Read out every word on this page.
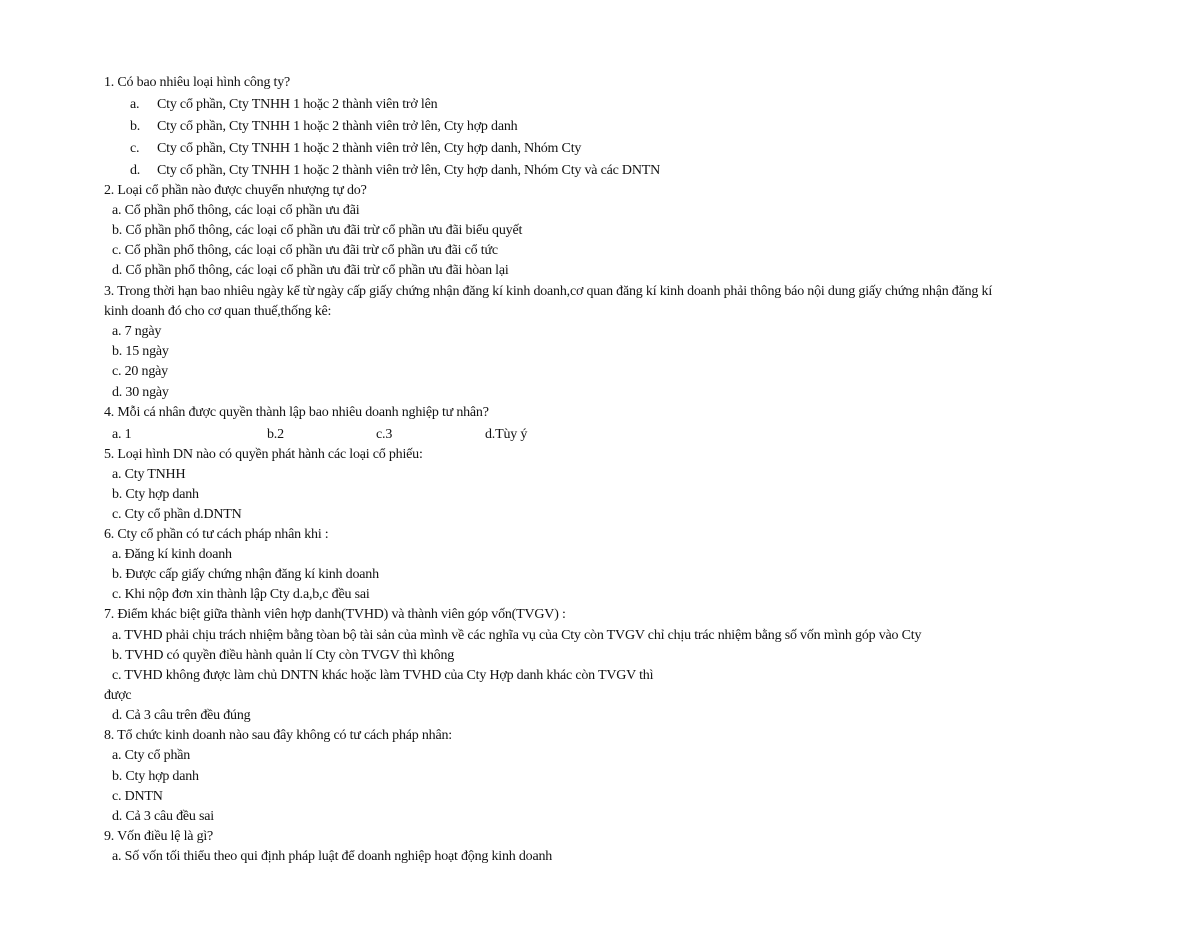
1. Có bao nhiêu loại hình công ty?
a.	Cty cổ phần, Cty TNHH 1 hoặc 2 thành viên trở lên
b.	Cty cổ phần, Cty TNHH 1 hoặc 2 thành viên trở lên, Cty hợp danh
c.	Cty cổ phần, Cty TNHH 1 hoặc 2 thành viên trở lên, Cty hợp danh, Nhóm Cty
d.	Cty cổ phần, Cty TNHH 1 hoặc 2 thành viên trở lên, Cty hợp danh, Nhóm Cty và các DNTN
2. Loại cổ phần nào được chuyển nhượng tự do?
a. Cổ phần phổ thông, các loại cổ phần ưu đãi
b. Cổ phần phổ thông, các loại cổ phần ưu đãi trừ cổ phần ưu đãi biểu quyết
c. Cổ phần phổ thông, các loại cổ phần ưu đãi trừ cổ phần ưu đãi cổ tức
d. Cổ phần phổ thông, các loại cổ phần ưu đãi trừ cổ phần ưu đãi hòan lại
3. Trong thời hạn bao nhiêu ngày kể từ ngày cấp giấy chứng nhận đăng kí kinh doanh,cơ quan đăng kí kinh doanh phải thông báo nội dung giấy chứng nhận đăng kí
kinh doanh đó cho cơ quan thuế,thống kê:
a. 7 ngày
b. 15 ngày
c. 20 ngày
d. 30 ngày
4. Mỗi cá nhân được quyền thành lập bao nhiêu doanh nghiệp tư nhân?
a. 1	b.2	c.3	d.Tùy ý
5. Loại hình DN nào có quyền phát hành các loại cổ phiếu:
a. Cty TNHH
b. Cty hợp danh
c. Cty cổ phần d.DNTN
6. Cty cổ phần có tư cách pháp nhân khi :
a. Đăng kí kinh doanh
b. Được cấp giấy chứng nhận đăng kí kinh doanh
c. Khi nộp đơn xin thành lập Cty d.a,b,c đều sai
7. Điểm khác biệt giữa thành viên hợp danh(TVHD) và thành viên góp vốn(TVGV) :
a. TVHD phải chịu trách nhiệm bằng tòan bộ tài sản của mình về các nghĩa vụ của Cty còn TVGV chỉ chịu trác nhiệm bằng số vốn mình góp vào Cty
b. TVHD có quyền điều hành quản lí Cty còn TVGV thì không
c. TVHD không được làm chủ DNTN khác hoặc làm TVHD của Cty Hợp danh khác còn TVGV thì
được
d. Cả 3 câu trên đều đúng
8. Tổ chức kinh doanh nào sau đây không có tư cách pháp nhân:
a. Cty cổ phần
b. Cty hợp danh
c. DNTN
d. Cả 3 câu đều sai
9. Vốn điều lệ là gì?
a. Số vốn tối thiểu theo qui định pháp luật để doanh nghiệp hoạt động kinh doanh
